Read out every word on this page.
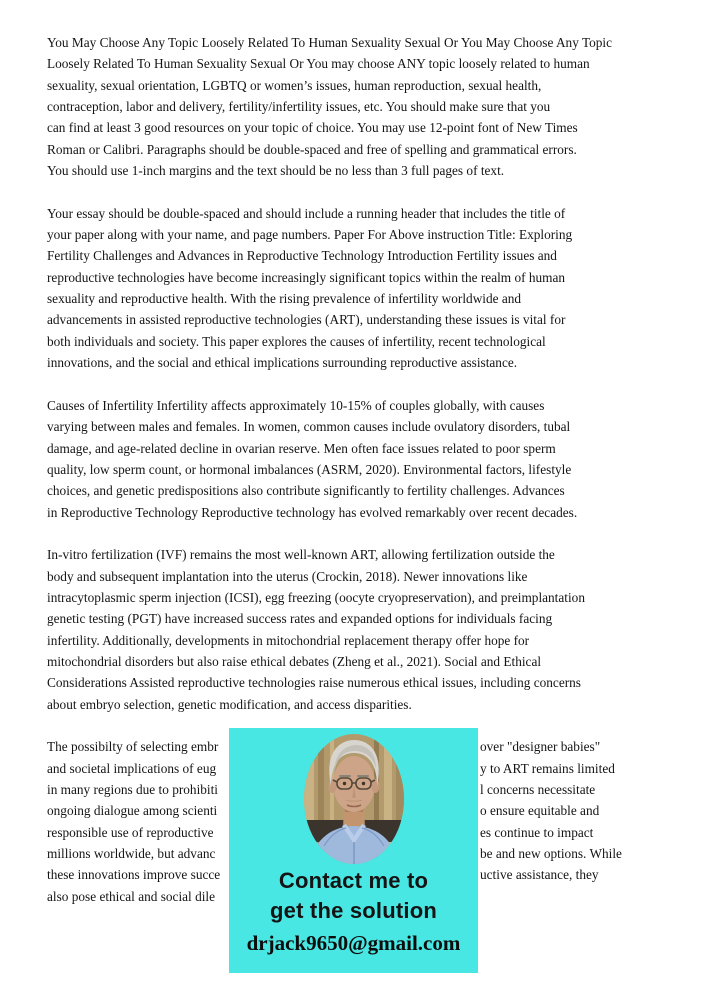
You May Choose Any Topic Loosely Related To Human Sexuality Sexual Or You May Choose Any Topic
Loosely Related To Human Sexuality Sexual Or You may choose ANY topic loosely related to human
sexuality, sexual orientation, LGBTQ or women’s issues, human reproduction, sexual health,
contraception, labor and delivery, fertility/infertility issues, etc. You should make sure that you
can find at least 3 good resources on your topic of choice. You may use 12-point font of New Times
Roman or Calibri. Paragraphs should be double-spaced and free of spelling and grammatical errors.
You should use 1-inch margins and the text should be no less than 3 full pages of text.
Your essay should be double-spaced and should include a running header that includes the title of
your paper along with your name, and page numbers. Paper For Above instruction Title: Exploring
Fertility Challenges and Advances in Reproductive Technology Introduction Fertility issues and
reproductive technologies have become increasingly significant topics within the realm of human
sexuality and reproductive health. With the rising prevalence of infertility worldwide and
advancements in assisted reproductive technologies (ART), understanding these issues is vital for
both individuals and society. This paper explores the causes of infertility, recent technological
innovations, and the social and ethical implications surrounding reproductive assistance.
Causes of Infertility Infertility affects approximately 10-15% of couples globally, with causes
varying between males and females. In women, common causes include ovulatory disorders, tubal
damage, and age-related decline in ovarian reserve. Men often face issues related to poor sperm
quality, low sperm count, or hormonal imbalances (ASRM, 2020). Environmental factors, lifestyle
choices, and genetic predispositions also contribute significantly to fertility challenges. Advances
in Reproductive Technology Reproductive technology has evolved remarkably over recent decades.
In-vitro fertilization (IVF) remains the most well-known ART, allowing fertilization outside the
body and subsequent implantation into the uterus (Crockin, 2018). Newer innovations like
intracytoplasmic sperm injection (ICSI), egg freezing (oocyte cryopreservation), and preimplantation
genetic testing (PGT) have increased success rates and expanded options for individuals facing
infertility. Additionally, developments in mitochondrial replacement therapy offer hope for
mitochondrial disorders but also raise ethical debates (Zheng et al., 2021). Social and Ethical
Considerations Assisted reproductive technologies raise numerous ethical issues, including concerns
about embryo selection, genetic modification, and access disparities.
The possibilty of selecting embr	over "designer babies"
and societal implications of eug	y to ART remains limited
in many regions due to prohibiti	l concerns necessitate
ongoing dialogue among scienti	o ensure equitable and
responsible use of reproductive	es continue to impact
millions worldwide, but advanc	be and new options. While
these innovations improve succe	uctive assistance, they
also pose ethical and social dile
Contact me to
get the solution
drjack9650@gmail.com
